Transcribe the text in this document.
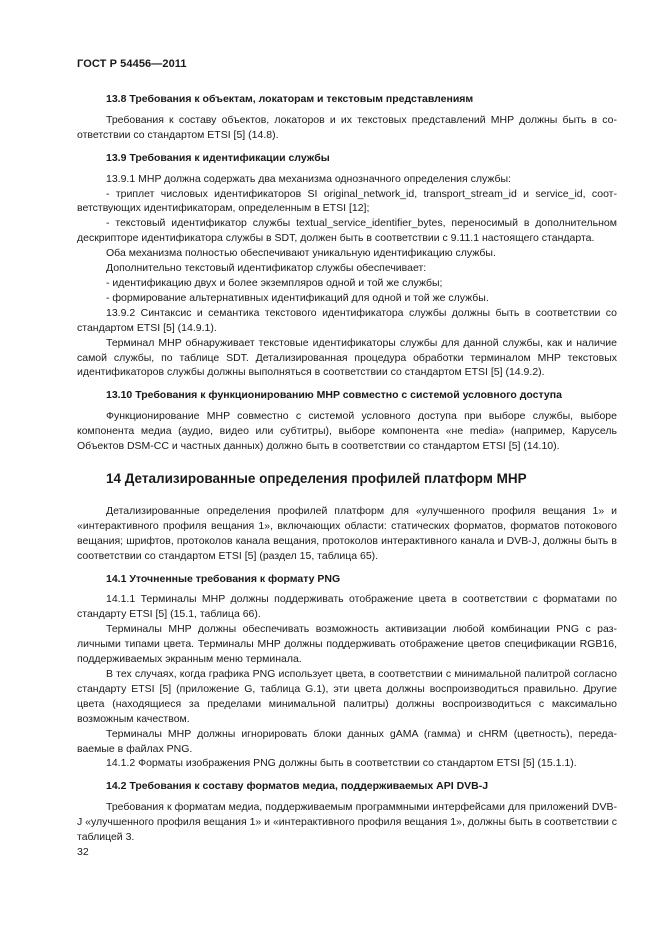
ГОСТ Р 54456—2011
13.8 Требования к объектам, локаторам и текстовым представлениям
Требования к составу объектов, локаторов и их текстовых представлений MHP должны быть в соответствии со стандартом ETSI [5] (14.8).
13.9 Требования к идентификации службы
13.9.1 MHP должна содержать два механизма однозначного определения службы:
- триплет числовых идентификаторов SI original_network_id, transport_stream_id и service_id, соответствующих идентификаторам, определенным в ETSI [12];
- текстовый идентификатор службы textual_service_identifier_bytes, переносимый в дополнительном дескрипторе идентификатора службы в SDT, должен быть в соответствии с 9.11.1 настоящего стандарта.
Оба механизма полностью обеспечивают уникальную идентификацию службы.
Дополнительно текстовый идентификатор службы обеспечивает:
- идентификацию двух и более экземпляров одной и той же службы;
- формирование альтернативных идентификаций для одной и той же службы.
13.9.2 Синтаксис и семантика текстового идентификатора службы должны быть в соответствии со стандартом ETSI [5] (14.9.1).
Терминал MHP обнаруживает текстовые идентификаторы службы для данной службы, как и наличие самой службы, по таблице SDT. Детализированная процедура обработки терминалом MHP текстовых идентификаторов службы должны выполняться в соответствии со стандартом ETSI [5] (14.9.2).
13.10 Требования к функционированию MHP совместно с системой условного доступа
Функционирование MHP совместно с системой условного доступа при выборе службы, выборе компонента медиа (аудио, видео или субтитры), выборе компонента «не media» (например, Карусель Объектов DSM-CC и частных данных) должно быть в соответствии со стандартом ETSI [5] (14.10).
14 Детализированные определения профилей платформ MHP
Детализированные определения профилей платформ для «улучшенного профиля вещания 1» и «интерактивного профиля вещания 1», включающих области: статических форматов, форматов потокового вещания; шрифтов, протоколов канала вещания, протоколов интерактивного канала и DVB-J, должны быть в соответствии со стандартом ETSI [5] (раздел 15, таблица 65).
14.1 Уточненные требования к формату PNG
14.1.1 Терминалы MHP должны поддерживать отображение цвета в соответствии с форматами по стандарту ETSI [5] (15.1, таблица 66).
Терминалы MHP должны обеспечивать возможность активизации любой комбинации PNG с различными типами цвета. Терминалы MHP должны поддерживать отображение цветов спецификации RGB16, поддерживаемых экранным меню терминала.
В тех случаях, когда графика PNG использует цвета, в соответствии с минимальной палитрой согласно стандарту ETSI [5] (приложение G, таблица G.1), эти цвета должны воспроизводиться правильно. Другие цвета (находящиеся за пределами минимальной палитры) должны воспроизводиться с максимально возможным качеством.
Терминалы MHP должны игнорировать блоки данных gAMA (гамма) и cHRM (цветность), передаваемые в файлах PNG.
14.1.2 Форматы изображения PNG должны быть в соответствии со стандартом ETSI [5] (15.1.1).
14.2 Требования к составу форматов медиа, поддерживаемых API DVB-J
Требования к форматам медиа, поддерживаемым программными интерфейсами для приложений DVB-J «улучшенного профиля вещания 1» и «интерактивного профиля вещания 1», должны быть в соответствии с таблицей 3.
32
